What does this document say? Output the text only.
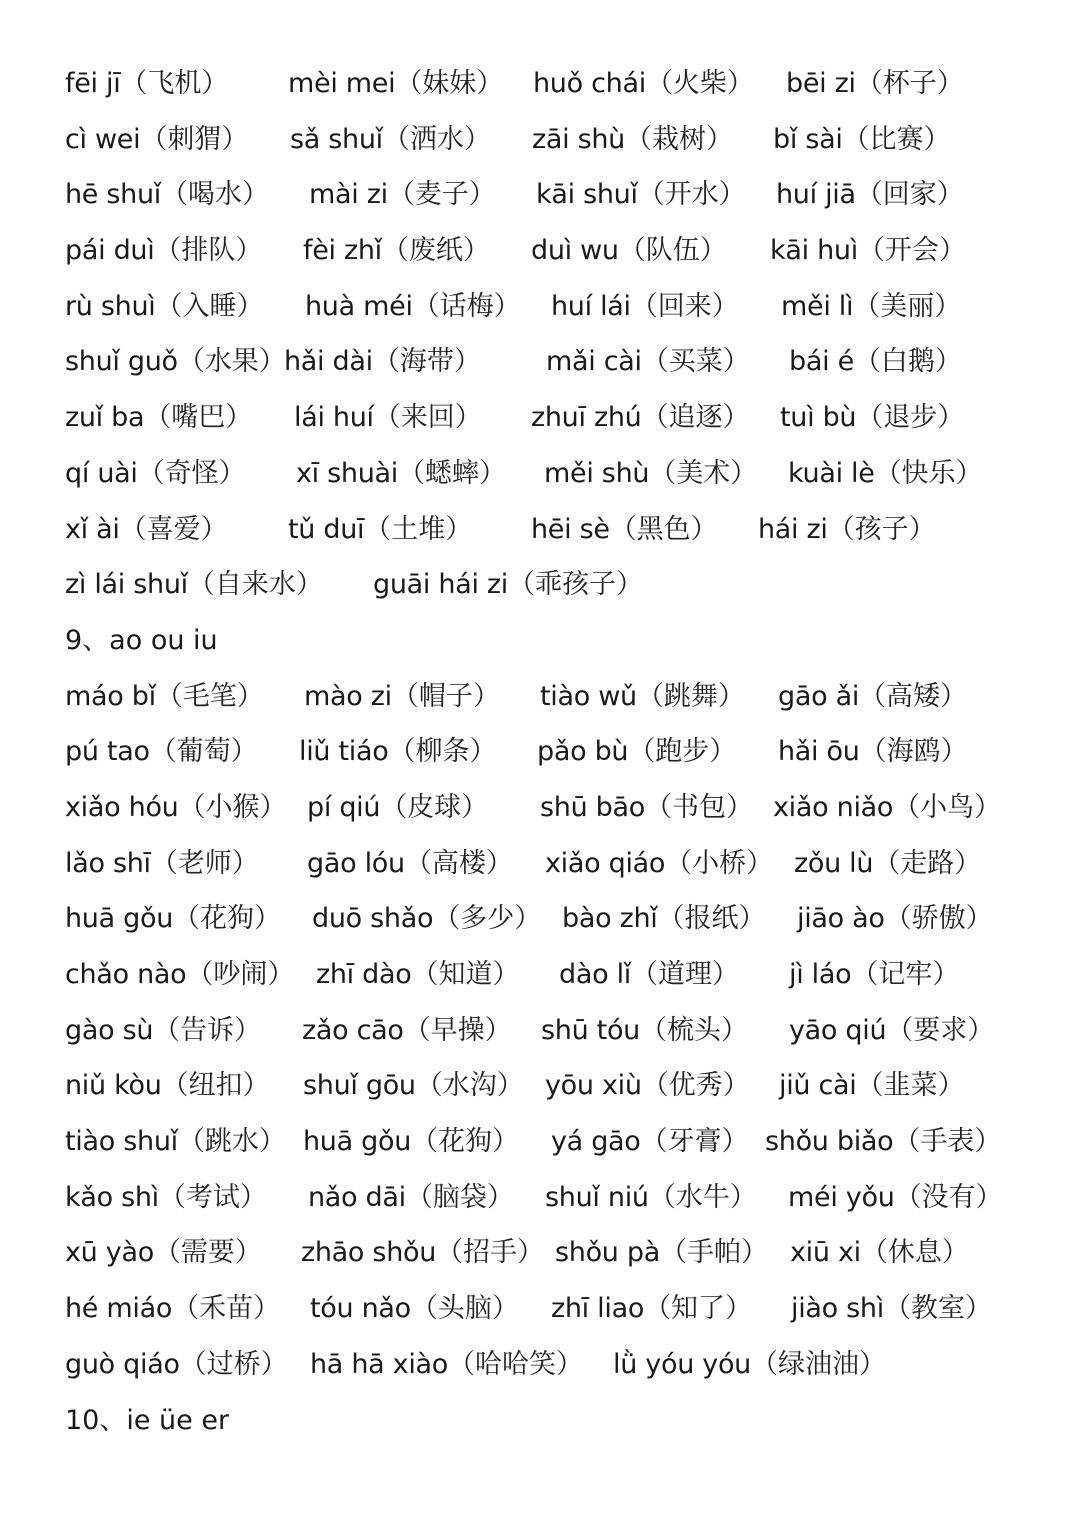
fēi jī（飞机） mèi mei（妹妹） huǒ chái（火柴） bēi zi（杯子）
cì wei（刺猬） sǎ shuǐ（洒水） zāi shù（栽树） bǐ sài（比赛）
hē shuǐ（喝水） mài zi（麦子） kāi shuǐ（开水） huí jiā（回家）
pái duì（排队） fèi zhǐ（废纸） duì wu（队伍） kāi huì（开会）
rù shuì（入睡） huà méi（话梅） huí lái（回来） měi lì（美丽）
shuǐ guǒ（水果）
hǎi dài（海带） mǎi cài（买菜） bái é（白鹅）
zuǐ ba（嘴巴） lái huí（来回） zhuī zhú（追逐） tuì bù（退步）
qí uài（奇怪） xī shuài（蟋蟀） měi shù（美术） kuài lè（快乐）
xǐ ài（喜爱） tǔ duī（土堆） hēi sè（黑色） hái zi（孩子）
zì lái shuǐ（自来水） guāi hái zi（乖孩子）
9、ao ou iu
máo bǐ（毛笔） mào zi（帽子） tiào wǔ（跳舞） gāo ǎi（高矮）
pú tao（葡萄） liǔ tiáo（柳条） pǎo bù（跑步） hǎi ōu（海鸥）
xiǎo hóu（小猴） pí qiú（皮球） shū bāo（书包） xiǎo niǎo（小鸟）
lǎo shī（老师） gāo lóu（高楼） xiǎo qiáo（小桥） zǒu lù（走路）
huā gǒu（花狗） duō shǎo（多少） bào zhǐ（报纸） jiāo ào（骄傲）
chǎo nào（吵闹） zhī dào（知道） dào lǐ（道理） jì láo（记牢）
gào sù（告诉） zǎo cāo（早操） shū tóu（梳头） yāo qiú（要求）
niǔ kòu（纽扣） shuǐ gōu（水沟） yōu xiù（优秀） jiǔ cài（韭菜）
tiào shuǐ（跳水） huā gǒu（花狗） yá gāo（牙膏） shǒu biǎo（手表）
kǎo shì（考试） nǎo dāi（脑袋） shuǐ niú（水牛） méi yǒu（没有）
xū yào（需要） zhāo shǒu（招手） shǒu pà（手帕） xiū xi（休息）
hé miáo（禾苗） tóu nǎo（头脑） zhī liao（知了） jiào shì（教室）
guò qiáo（过桥） hā hā xiào（哈哈笑） lǜ yóu yóu（绿油油）
10、ie üe er
